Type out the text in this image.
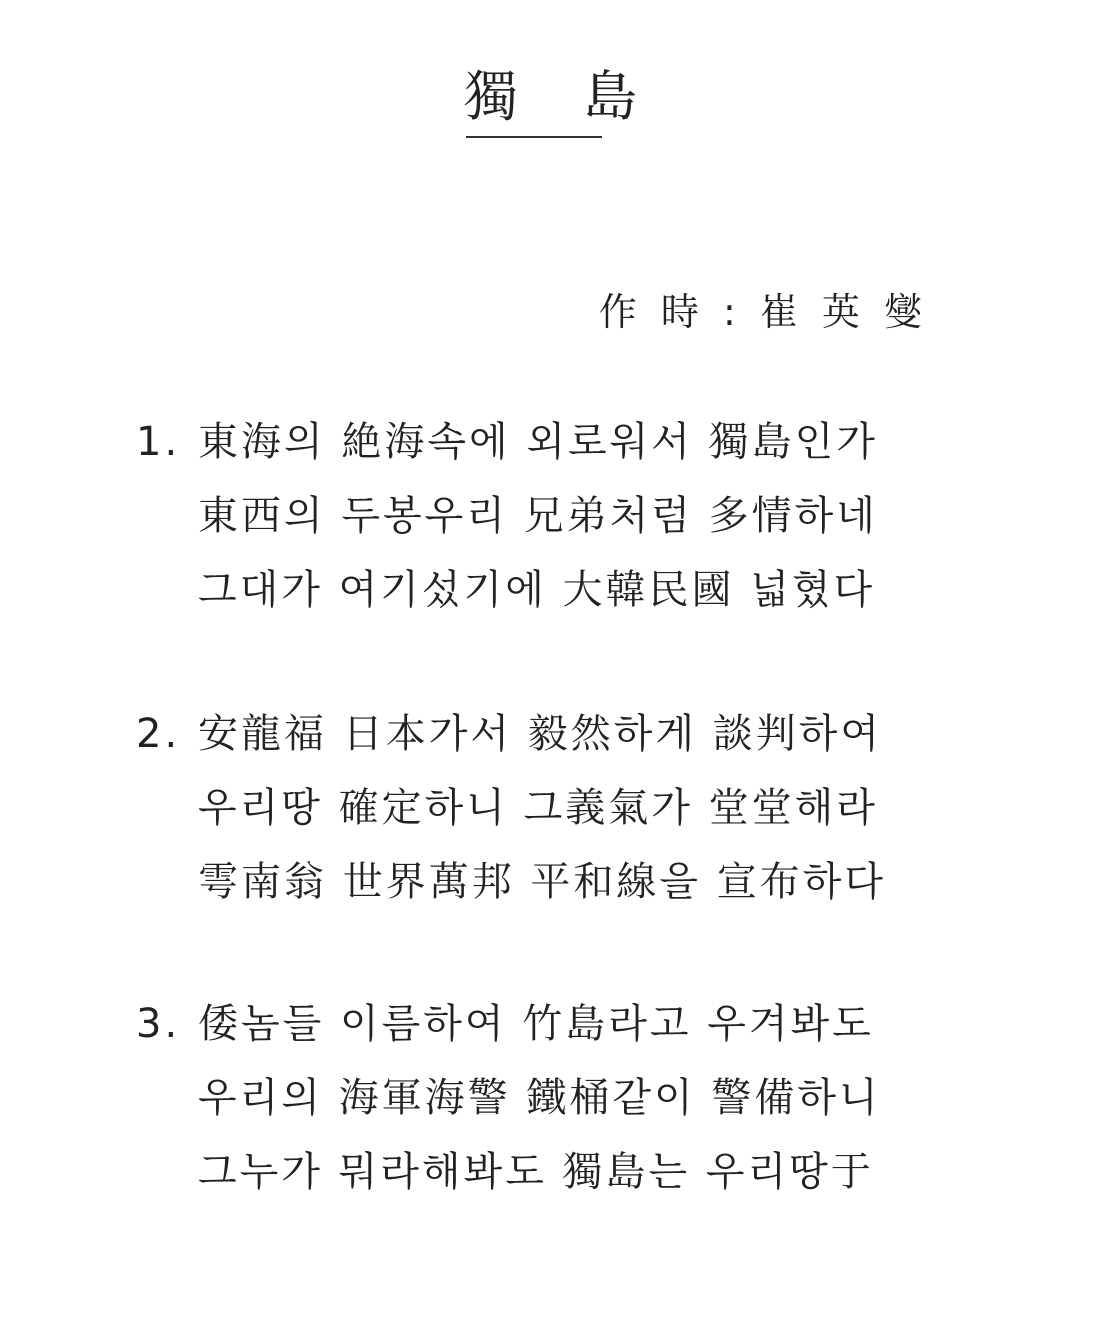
獨 島
作 時 : 崔 英 燮
1. 東海의 絶海속에 외로워서 獨島인가
東西의 두봉우리 兄弟처럼 多情하네
그대가 여기섰기에 大韓民國 넓혔다
2. 安龍福 日本가서 毅然하게 談判하여
우리땅 確定하니 그義氣가 堂堂해라
雩南翁 世界萬邦 平和線을 宣布하다
3. 倭놈들 이름하여 竹島라고 우겨봐도
우리의 海軍海警 鐵桶같이 警備하니
그누가 뭐라해봐도 獨島는 우리땅于
